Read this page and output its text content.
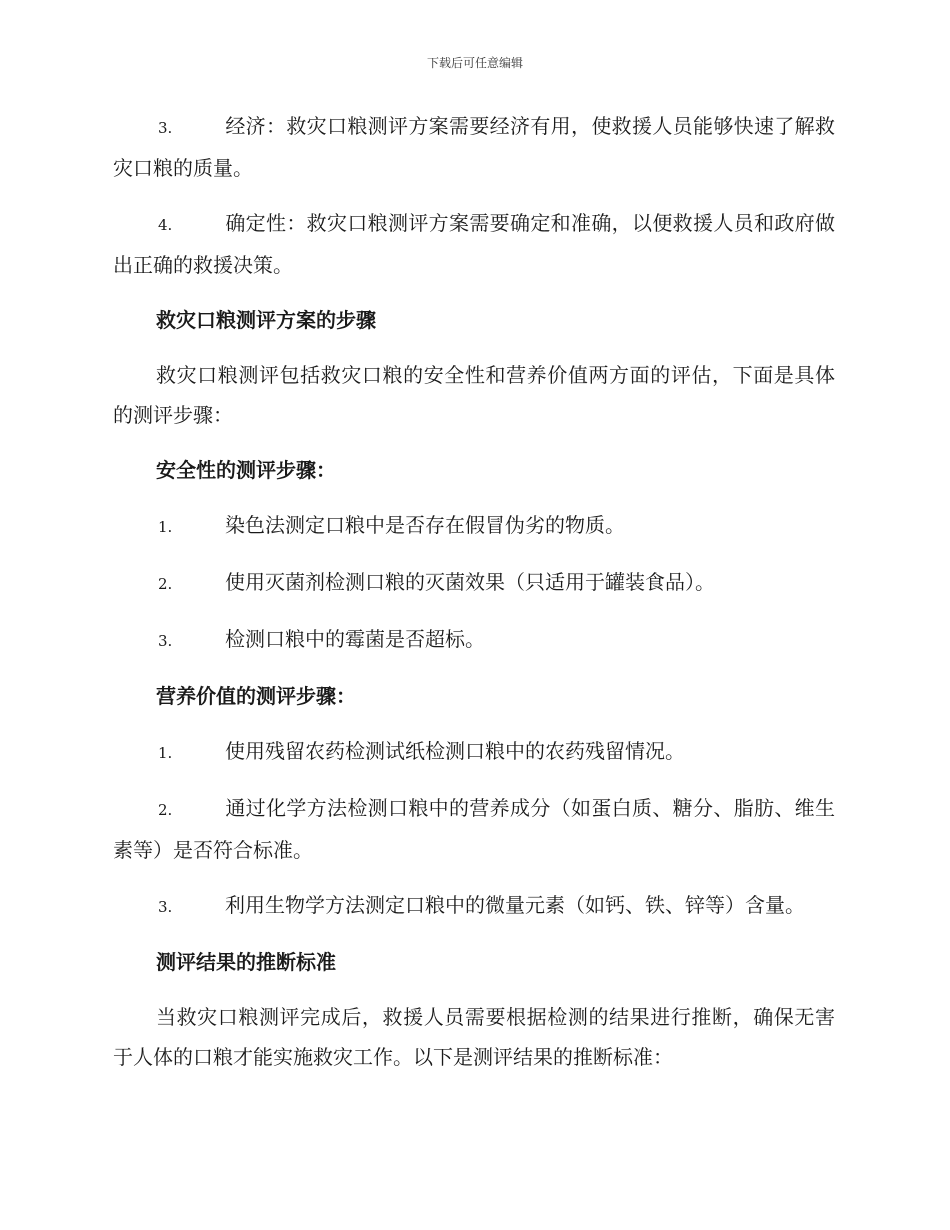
下载后可任意编辑
3.	经济：救灾口粮测评方案需要经济有用，使救援人员能够快速了解救灾口粮的质量。
4.	确定性：救灾口粮测评方案需要确定和准确，以便救援人员和政府做出正确的救援决策。
救灾口粮测评方案的步骤
救灾口粮测评包括救灾口粮的安全性和营养价值两方面的评估，下面是具体的测评步骤：
安全性的测评步骤：
1.	染色法测定口粮中是否存在假冒伪劣的物质。
2.	使用灭菌剂检测口粮的灭菌效果（只适用于罐装食品）。
3.	检测口粮中的霉菌是否超标。
营养价值的测评步骤：
1.	使用残留农药检测试纸检测口粮中的农药残留情况。
2.	通过化学方法检测口粮中的营养成分（如蛋白质、糖分、脂肪、维生素等）是否符合标准。
3.	利用生物学方法测定口粮中的微量元素（如钙、铁、锌等）含量。
测评结果的推断标准
当救灾口粮测评完成后，救援人员需要根据检测的结果进行推断，确保无害于人体的口粮才能实施救灾工作。以下是测评结果的推断标准：
